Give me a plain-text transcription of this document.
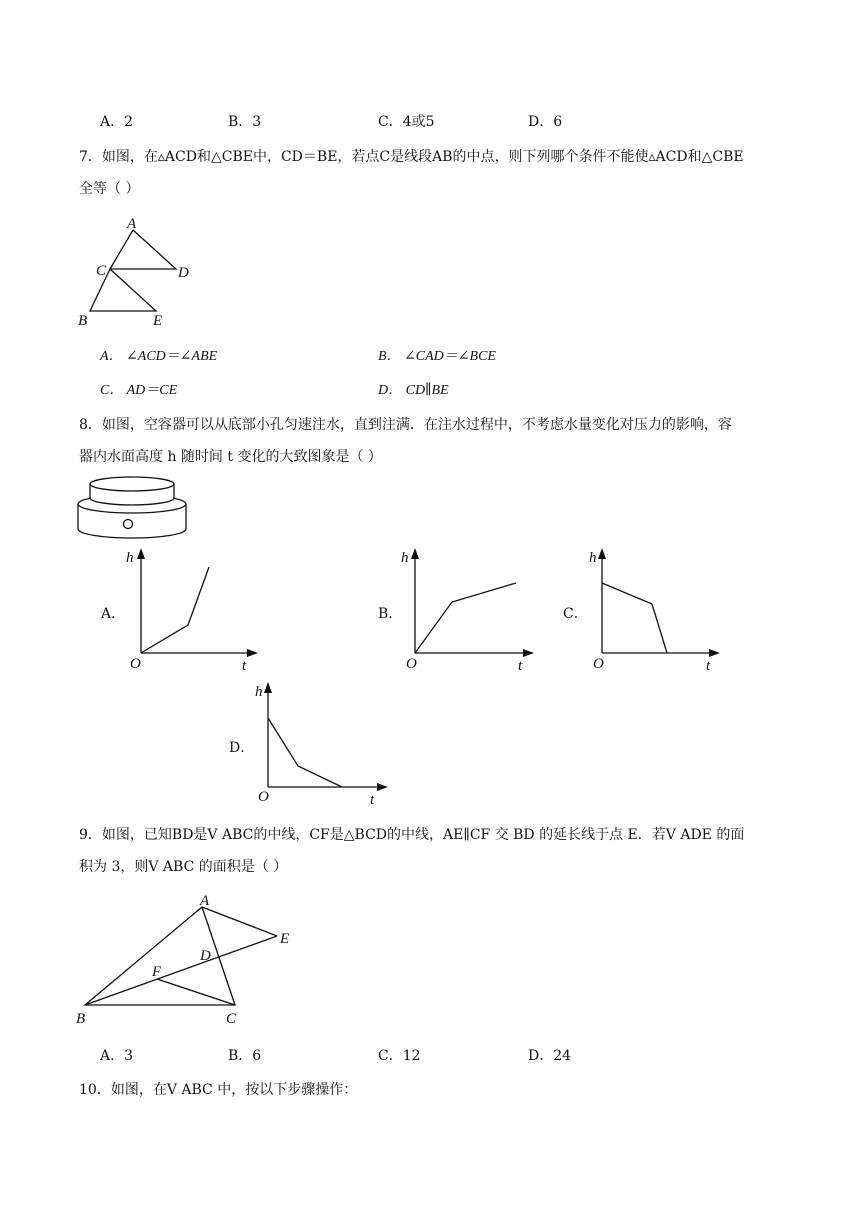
A．2	B．3	C．4或5	D．6
7．如图，在▵ACD和△CBE中，CD＝BE，若点C是线段AB的中点，则下列哪个条件不能使▵ACD和△CBE
全等（ ）
A
C	D
B	E
A． ∠ACD＝∠ABE	B． ∠CAD＝∠BCE
C． AD＝CE	D． CD∥BE
8．如图，空容器可以从底部小孔匀速注水，直到注满．在注水过程中，不考虑水量变化对压力的影响，容
器内水面高度 h 随时间 t 变化的大致图象是（ ）
A．
h
t
O
B．
h
t
O
C．
h
t
O
D．
h
t
O
9．如图，已知BD是V ABC的中线，CF是△BCD的中线，AE∥CF 交 BD 的延长线于点 E．若V ADE 的面
积为 3，则V ABC 的面积是（ ）
A
E
D
F
B	C
A．3	B．6	C．12	D．24
10．如图，在V ABC 中，按以下步骤操作：
